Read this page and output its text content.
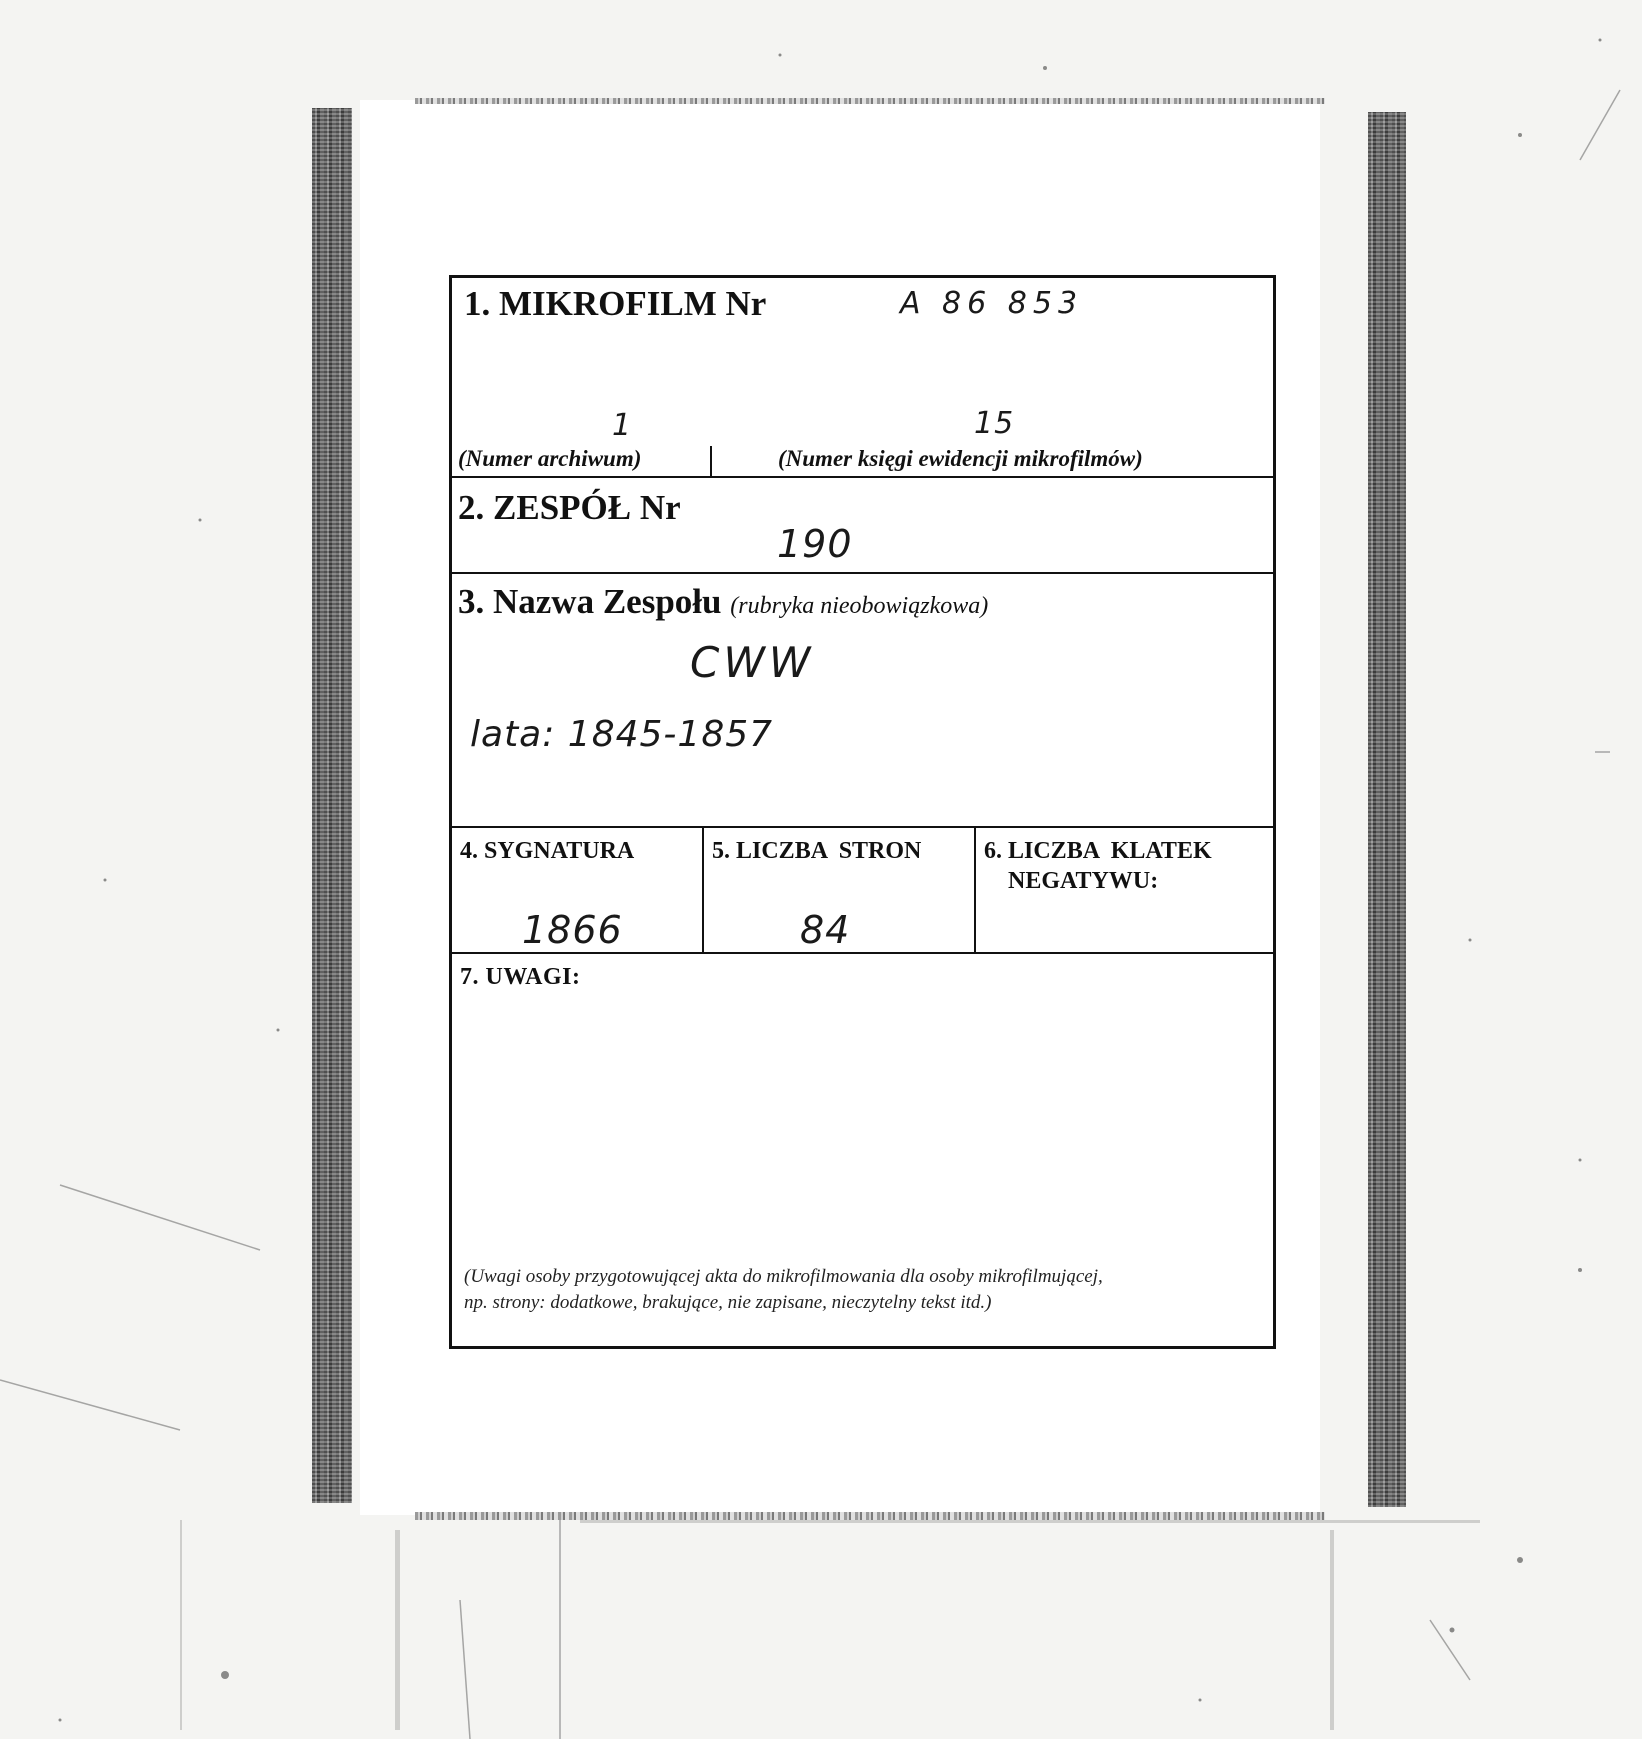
1. MIKROFILM Nr	A 86 853
1	15
(Numer archiwum)	(Numer księgi ewidencji mikrofilmów)
2. ZESPÓŁ Nr
190
3. Nazwa Zespołu (rubryka nieobowiązkowa)
CWW
lata: 1845-1857
4. SYGNATURA
1866
5. LICZBA  STRON
84
6. LICZBA  KLATEK
NEGATYWU:
7. UWAGI:
(Uwagi osoby przygotowującej akta do mikrofilmowania dla osoby mikrofilmującej,
np. strony: dodatkowe, brakujące, nie zapisane, nieczytelny tekst itd.)
